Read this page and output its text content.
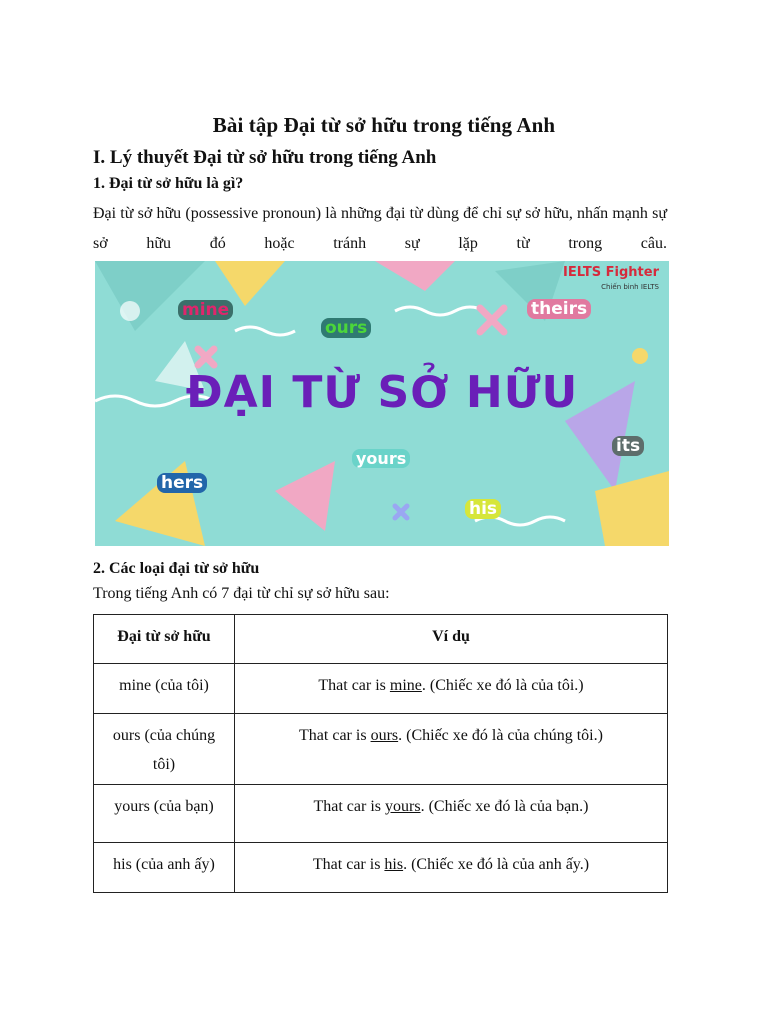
Bài tập Đại từ sở hữu trong tiếng Anh
I. Lý thuyết Đại từ sở hữu trong tiếng Anh
1. Đại từ sở hữu là gì?
Đại từ sở hữu (possessive pronoun) là những đại từ dùng để chỉ sự sở hữu, nhấn mạnh sự sở hữu đó hoặc tránh sự lặp từ trong câu.
IELTS Fighter
Chiến binh IELTS
mine
ours
theirs
ĐẠI TỪ SỞ HỮU
its
yours
hers
his
2. Các loại đại từ sở hữu
Trong tiếng Anh có 7 đại từ chỉ sự sở hữu sau:
Đại từ sở hữu	Ví dụ
mine (của tôi)	That car is mine. (Chiếc xe đó là của tôi.)
ours (của chúng tôi)	That car is ours. (Chiếc xe đó là của chúng tôi.)
yours (của bạn)	That car is yours. (Chiếc xe đó là của bạn.)
his (của anh ấy)	That car is his. (Chiếc xe đó là của anh ấy.)
